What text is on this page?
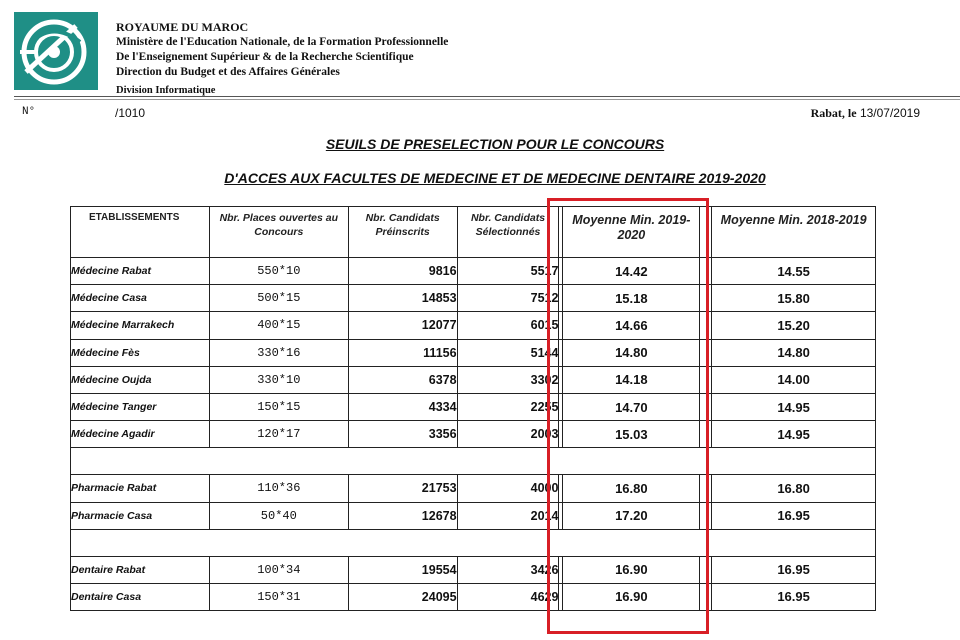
ROYAUME DU MAROC
Ministère de l'Education Nationale, de la Formation Professionnelle
De l'Enseignement Supérieur & de la Recherche Scientifique
Direction du Budget et des Affaires Générales
Division Informatique
N°	/1010	Rabat, le 13/07/2019
SEUILS DE PRESELECTION POUR LE CONCOURS
D'ACCES AUX FACULTES DE MEDECINE ET DE MEDECINE DENTAIRE 2019-2020
ETABLISSEMENTS	Nbr. Places ouvertes au Concours	Nbr. Candidats Préinscrits	Nbr. Candidats Sélectionnés		Moyenne Min. 2019-2020		Moyenne Min. 2018-2019
Médecine Rabat	550*10	9816	5517		14.42		14.55
Médecine Casa	500*15	14853	7512		15.18		15.80
Médecine Marrakech	400*15	12077	6015		14.66		15.20
Médecine Fès	330*16	11156	5144		14.80		14.80
Médecine Oujda	330*10	6378	3302		14.18		14.00
Médecine Tanger	150*15	4334	2255		14.70		14.95
Médecine Agadir	120*17	3356	2003		15.03		14.95

Pharmacie Rabat	110*36	21753	4000		16.80		16.80
Pharmacie Casa	50*40	12678	2014		17.20		16.95

Dentaire Rabat	100*34	19554	3426		16.90		16.95
Dentaire Casa	150*31	24095	4629		16.90		16.95
